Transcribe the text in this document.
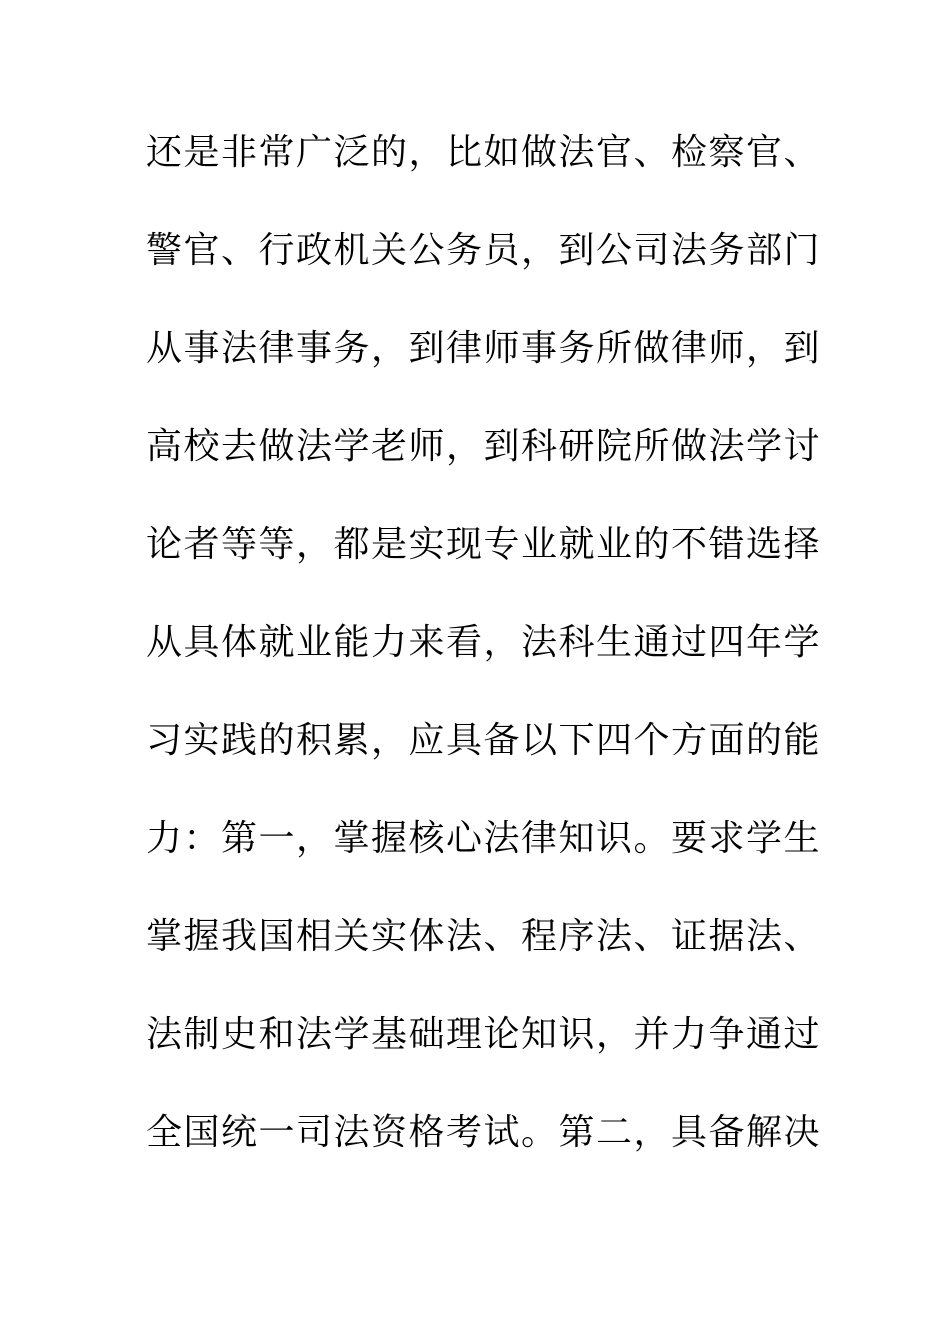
还是非常广泛的，比如做法官、检察官、
警官、行政机关公务员，到公司法务部门
从事法律事务，到律师事务所做律师，到
高校去做法学老师，到科研院所做法学讨
论者等等，都是实现专业就业的不错选择
从具体就业能力来看，法科生通过四年学
习实践的积累，应具备以下四个方面的能
力：第一，掌握核心法律知识。要求学生
掌握我国相关实体法、程序法、证据法、
法制史和法学基础理论知识，并力争通过
全国统一司法资格考试。第二，具备解决
